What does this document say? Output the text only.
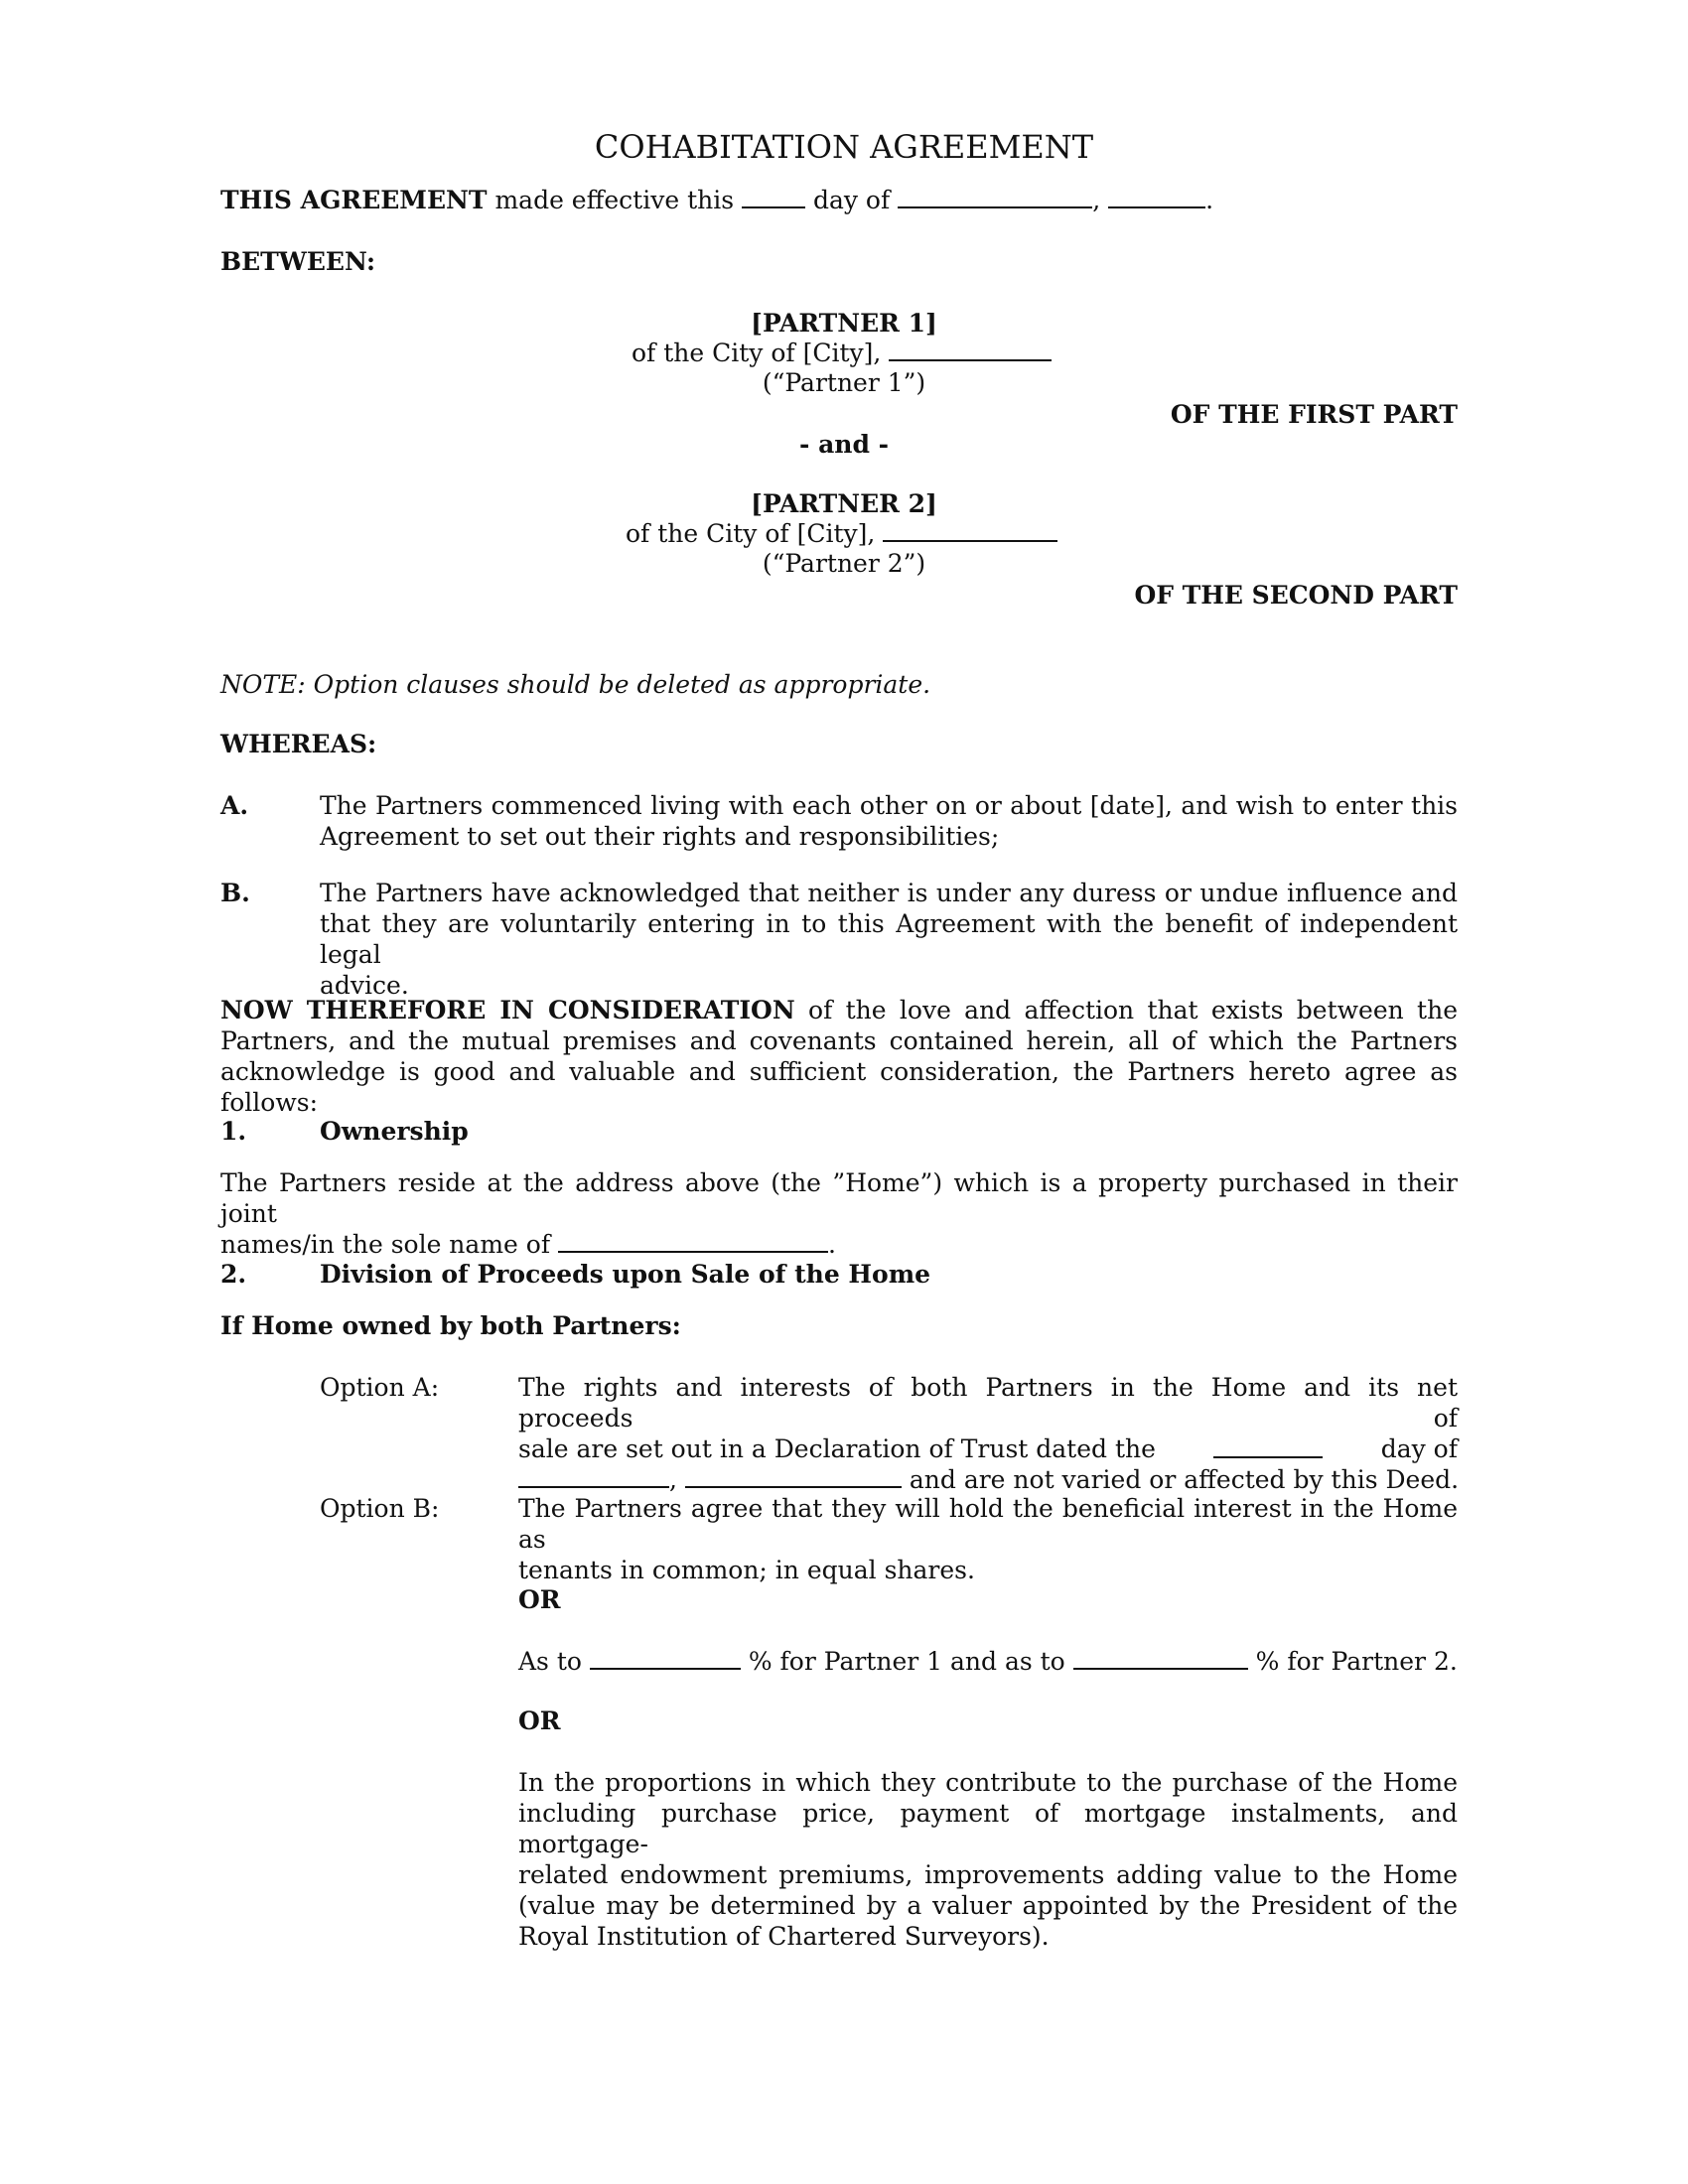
COHABITATION AGREEMENT
THIS AGREEMENT made effective this	day of	,	.
BETWEEN:
[PARTNER 1]
of the City of [City],
(“Partner 1”)
OF THE FIRST PART
- and -
[PARTNER 2]
of the City of [City],
(“Partner 2”)
OF THE SECOND PART
NOTE: Option clauses should be deleted as appropriate.
WHEREAS:
A.	The Partners commenced living with each other on or about [date], and wish to enter this
Agreement to set out their rights and responsibilities;
B.	The Partners have acknowledged that neither is under any duress or undue influence and
that they are voluntarily entering in to this Agreement with the benefit of independent legal
advice.
NOW THEREFORE IN CONSIDERATION of the love and affection that exists between the
Partners, and the mutual premises and covenants contained herein, all of which the Partners
acknowledge is good and valuable and sufficient consideration, the Partners hereto agree as follows:
1.	Ownership
The Partners reside at the address above (the ”Home”) which is a property purchased in their joint
names/in the sole name of	.
2.	Division of Proceeds upon Sale of the Home
If Home owned by both Partners:
Option A:	The rights and interests of both Partners in the Home and its net proceeds of
sale are set out in a Declaration of Trust dated the	day of
,	and are not varied or affected by this Deed.
Option B:	The Partners agree that they will hold the beneficial interest in the Home as
tenants in common; in equal shares.
OR
As to	% for Partner 1 and as to	% for Partner 2.
OR
In the proportions in which they contribute to the purchase of the Home
including purchase price, payment of mortgage instalments, and mortgage-
related endowment premiums, improvements adding value to the Home
(value may be determined by a valuer appointed by the President of the
Royal Institution of Chartered Surveyors).
